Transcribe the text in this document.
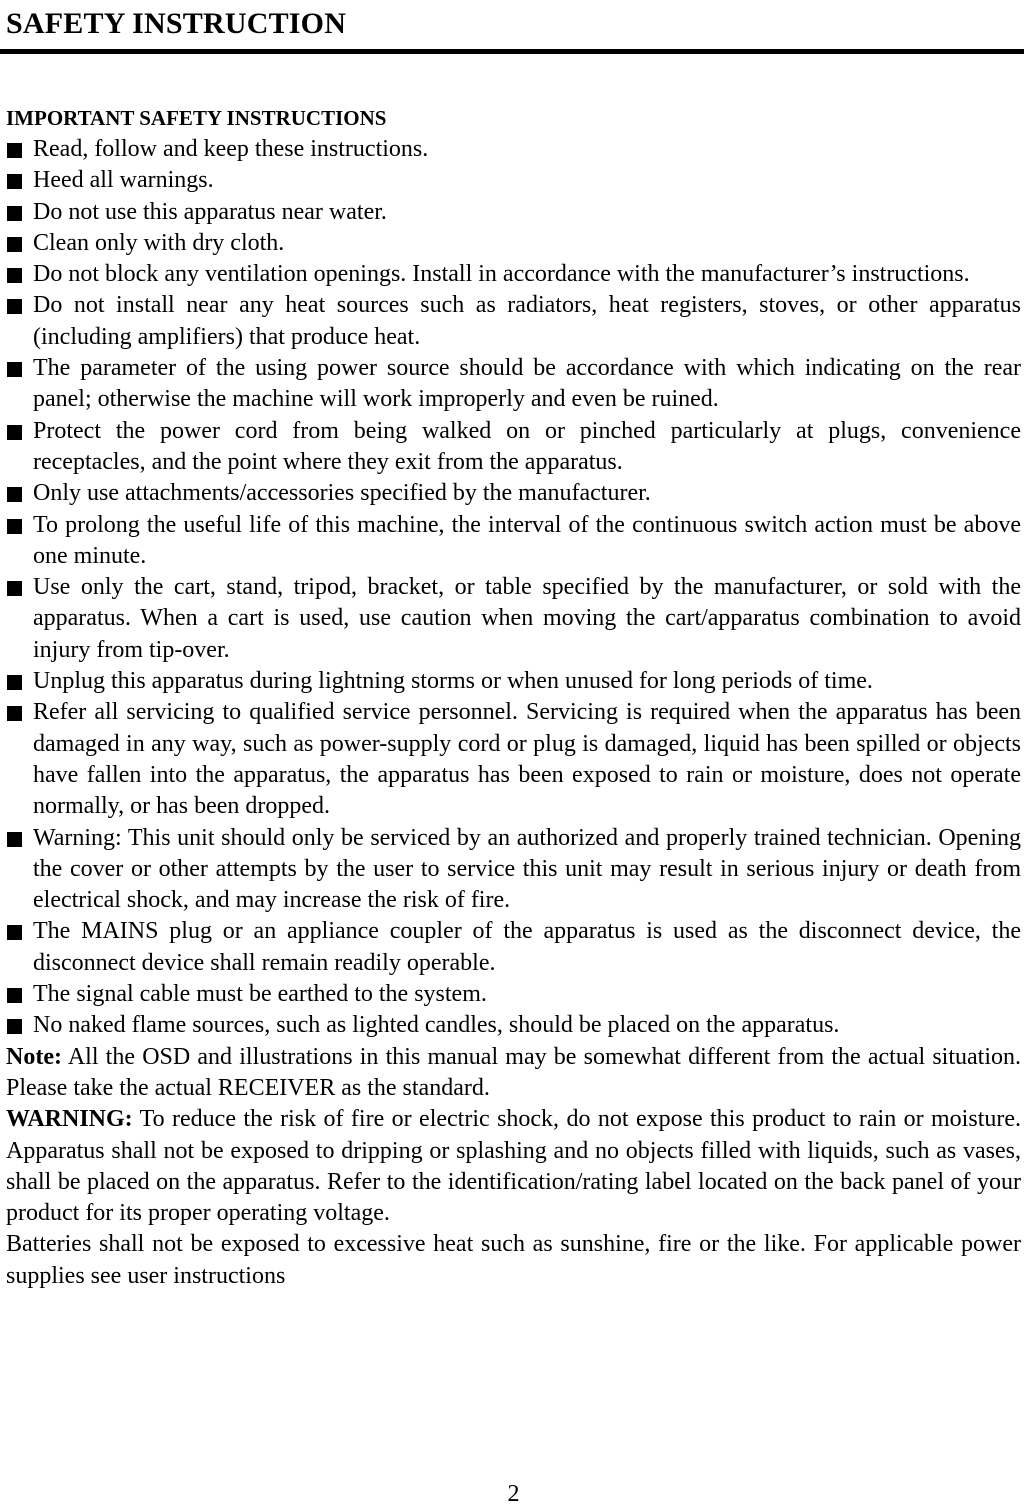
SAFETY INSTRUCTION
IMPORTANT SAFETY INSTRUCTIONS
Read, follow and keep these instructions.
Heed all warnings.
Do not use this apparatus near water.
Clean only with dry cloth.
Do not block any ventilation openings. Install in accordance with the manufacturer’s instructions.
Do not install near any heat sources such as radiators, heat registers, stoves, or other apparatus (including amplifiers) that produce heat.
The parameter of the using power source should be accordance with which indicating on the rear panel; otherwise the machine will work improperly and even be ruined.
Protect the power cord from being walked on or pinched particularly at plugs, convenience receptacles, and the point where they exit from the apparatus.
Only use attachments/accessories specified by the manufacturer.
To prolong the useful life of this machine, the interval of the continuous switch action must be above one minute.
Use only the cart, stand, tripod, bracket, or table specified by the manufacturer, or sold with the apparatus. When a cart is used, use caution when moving the cart/apparatus combination to avoid injury from tip-over.
Unplug this apparatus during lightning storms or when unused for long periods of time.
Refer all servicing to qualified service personnel. Servicing is required when the apparatus has been damaged in any way, such as power-supply cord or plug is damaged, liquid has been spilled or objects have fallen into the apparatus, the apparatus has been exposed to rain or moisture, does not operate normally, or has been dropped.
Warning: This unit should only be serviced by an authorized and properly trained technician. Opening the cover or other attempts by the user to service this unit may result in serious injury or death from electrical shock, and may increase the risk of fire.
The MAINS plug or an appliance coupler of the apparatus is used as the disconnect device, the disconnect device shall remain readily operable.
The signal cable must be earthed to the system.
No naked flame sources, such as lighted candles, should be placed on the apparatus.

Note: All the OSD and illustrations in this manual may be somewhat different from the actual situation. Please take the actual RECEIVER as the standard.

WARNING: To reduce the risk of fire or electric shock, do not expose this product to rain or moisture. Apparatus shall not be exposed to dripping or splashing and no objects filled with liquids, such as vases, shall be placed on the apparatus. Refer to the identification/rating label located on the back panel of your product for its proper operating voltage.

Batteries shall not be exposed to excessive heat such as sunshine, fire or the like. For applicable power supplies see user instructions

2
